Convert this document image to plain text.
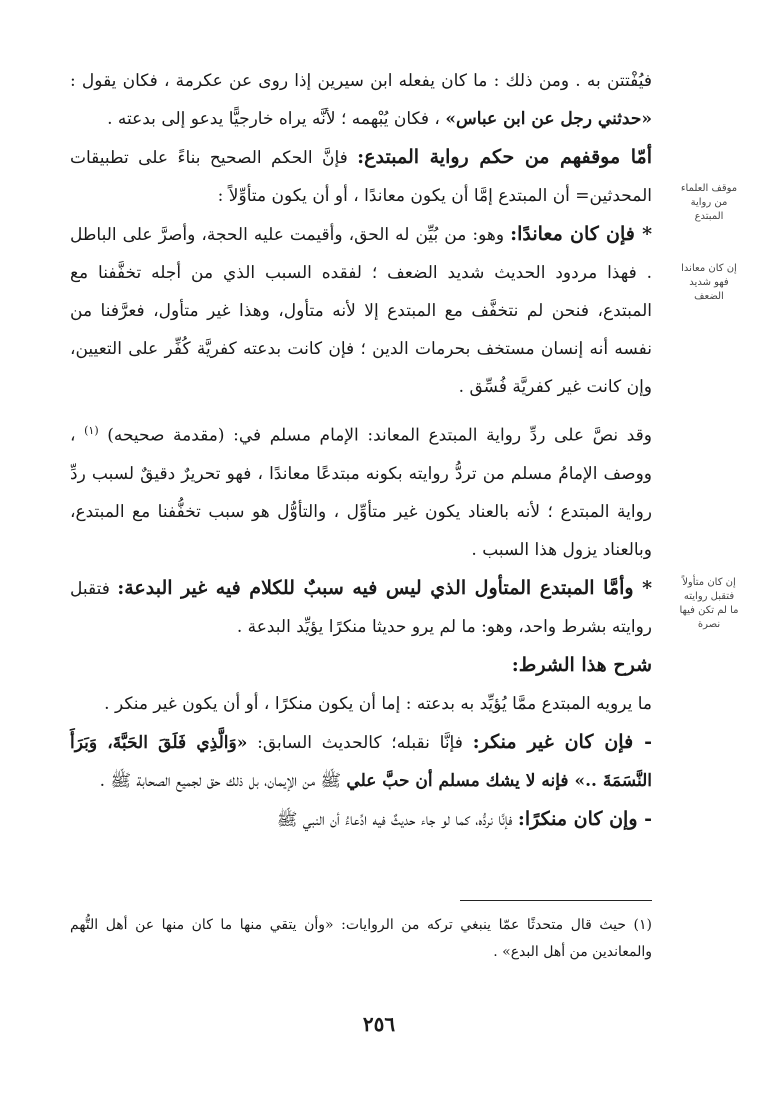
فيُفْتتن به . ومن ذلك : ما كان يفعله ابن سيرين إذا روى عن عكرمة ، فكان يقول : «حدثني رجل عن ابن عباس» ، فكان يُبْهمه ؛ لأنَّه يراه خارجيًّا يدعو إلى بدعته .

أمّا موقفهم من حكم رواية المبتدع: فإنَّ الحكم الصحيح بناءً على تطبيقات المحدثين= أن المبتدع إمَّا أن يكون معاندًا ، أو أن يكون متأوِّلاً :

* فإن كان معاندًا: وهو: من بُيِّن له الحق، وأقيمت عليه الحجة، وأصرَّ على الباطل . فهذا مردود الحديث شديد الضعف ؛ لفقده السبب الذي من أجله تخفَّفنا مع المبتدع، فنحن لم نتخفَّف مع المبتدع إلا لأنه متأول، وهذا غير متأول، فعرَّفنا من نفسه أنه إنسان مستخف بحرمات الدين ؛ فإن كانت بدعته كفريَّة كُفِّر على التعيين، وإن كانت غير كفريَّة فُسِّق .

وقد نصَّ على ردِّ رواية المبتدع المعاند: الإمام مسلم في: (مقدمة صحيحه) $^{(١)}$ ، ووصف الإمامُ مسلم من تردُّ روايته بكونه مبتدعًا معاندًا ، فهو تحريرٌ دقيقٌ لسبب ردِّ رواية المبتدع ؛ لأنه بالعناد يكون غير متأوِّل ، والتأوُّل هو سبب تخفُّفنا مع المبتدع، وبالعناد يزول هذا السبب .

* وأمَّا المبتدع المتأول الذي ليس فيه سببٌ للكلام فيه غير البدعة: فتقبل روايته بشرط واحد، وهو: ما لم يرو حديثا منكرًا يؤيِّد البدعة .

شرح هذا الشرط:

ما يرويه المبتدع ممَّا يُؤيِّد به بدعته : إما أن يكون منكرًا ، أو أن يكون غير منكر .

- فإن كان غير منكر: فإنَّا نقبله؛ كالحديث السابق: «وَالَّذِي فَلَقَ الحَبَّةَ، وَبَرَأَ النَّسَمَةَ ..» فإنه لا يشك مسلم أن حبَّ علي ﷺ من الإيمان، بل ذلك حق لجميع الصحابة ﷺ .

- وإن كان منكرًا: فإنَّا نردُّه، كما لو جاء حديثٌ فيه ادِّعاءُ أن النبي ﷺ

موقف العلماء
من رواية
المبتدع
إن كان معاندا
فهو شديد
الضعف
إن كان متأولاً
فتقبل روايته
ما لم تكن فيها
نصرة
(١) حيث قال متحدثًا عمّا ينبغي تركه من الروايات: «وأن يتقي منها ما كان منها عن أهل التُّهم والمعاندين من أهل البدع» .
٢٥٦
